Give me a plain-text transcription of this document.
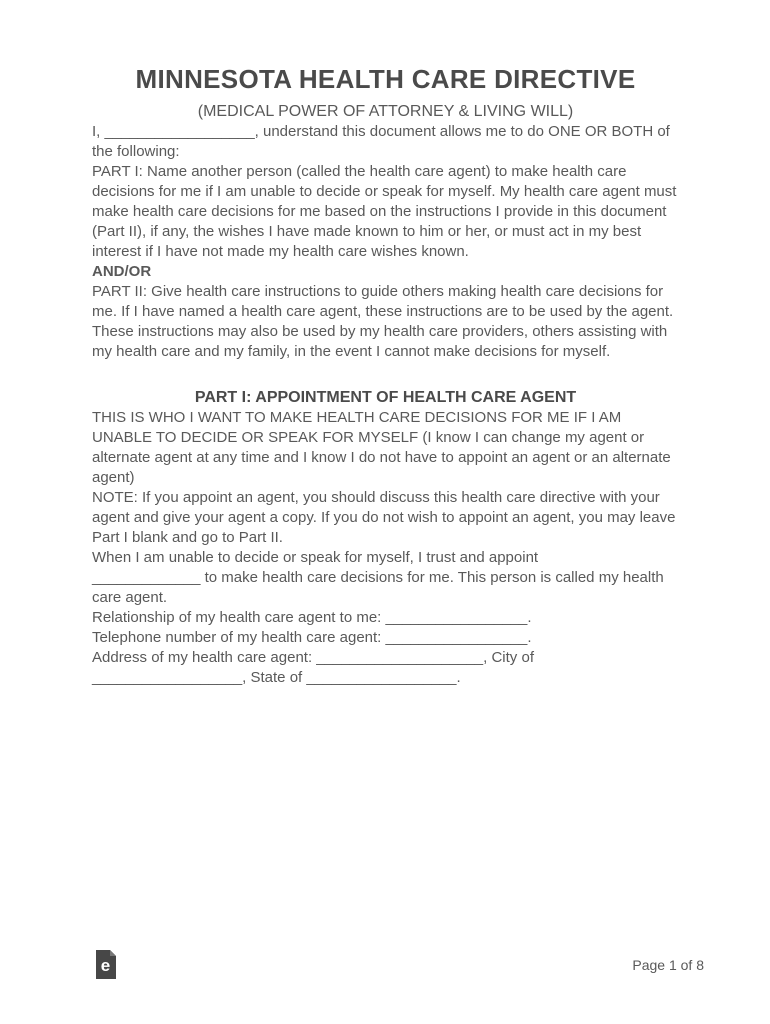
MINNESOTA HEALTH CARE DIRECTIVE
(MEDICAL POWER OF ATTORNEY & LIVING WILL)

I, __________________, understand this document allows me to do ONE OR BOTH of the following:

PART I: Name another person (called the health care agent) to make health care decisions for me if I am unable to decide or speak for myself. My health care agent must make health care decisions for me based on the instructions I provide in this document (Part II), if any, the wishes I have made known to him or her, or must act in my best interest if I have not made my health care wishes known.

AND/OR

PART II: Give health care instructions to guide others making health care decisions for me. If I have named a health care agent, these instructions are to be used by the agent. These instructions may also be used by my health care providers, others assisting with my health care and my family, in the event I cannot make decisions for myself.

PART I: APPOINTMENT OF HEALTH CARE AGENT

THIS IS WHO I WANT TO MAKE HEALTH CARE DECISIONS FOR ME IF I AM UNABLE TO DECIDE OR SPEAK FOR MYSELF (I know I can change my agent or alternate agent at any time and I know I do not have to appoint an agent or an alternate agent)

NOTE: If you appoint an agent, you should discuss this health care directive with your agent and give your agent a copy. If you do not wish to appoint an agent, you may leave Part I blank and go to Part II.

When I am unable to decide or speak for myself, I trust and appoint

_____________ to make health care decisions for me. This person is called my health care agent.

Relationship of my health care agent to me: _________________.

Telephone number of my health care agent: _________________.

Address of my health care agent: ____________________, City of

__________________, State of __________________.

e	Page 1 of 8
